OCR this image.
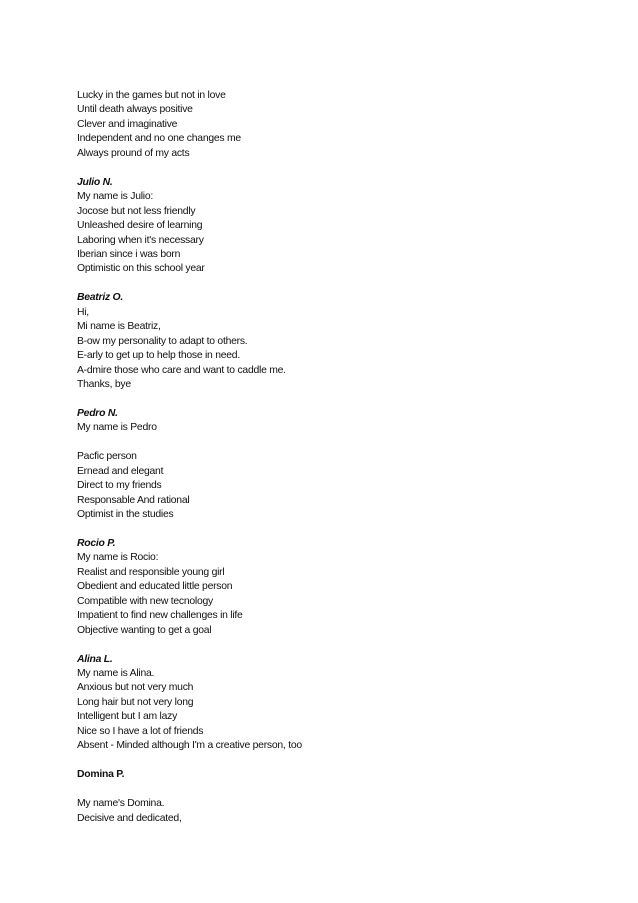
Lucky in the games but not in love
Until death always positive
Clever and imaginative
Independent and no one changes me
Always pround of my acts
Julio N.
My name is Julio:
Jocose but not less friendly
Unleashed desire of learning
Laboring when it's necessary
Iberian since i was born
Optimistic on this school year
Beatriz O.
Hi,
Mi name is Beatriz,
B-ow my personality to adapt to others.
E-arly to get up to help those in need.
A-dmire those who care and want to caddle me.
Thanks, bye
Pedro N.
My name is Pedro
Pacfic person
Ernead and elegant
Direct to my friends
Responsable And rational
Optimist in the studies
Rocio P.
My name is Rocio:
Realist and responsible young girl
Obedient and educated little person
Compatible with new tecnology
Impatient to find new challenges in life
Objective wanting to get a goal
Alina L.
My name is Alina.
Anxious but not very much
Long hair but not very long
Intelligent but I am lazy
Nice so I have a lot of friends
Absent - Minded although I'm a creative person, too
Domina P.
My name's Domina.
Decisive and dedicated,
